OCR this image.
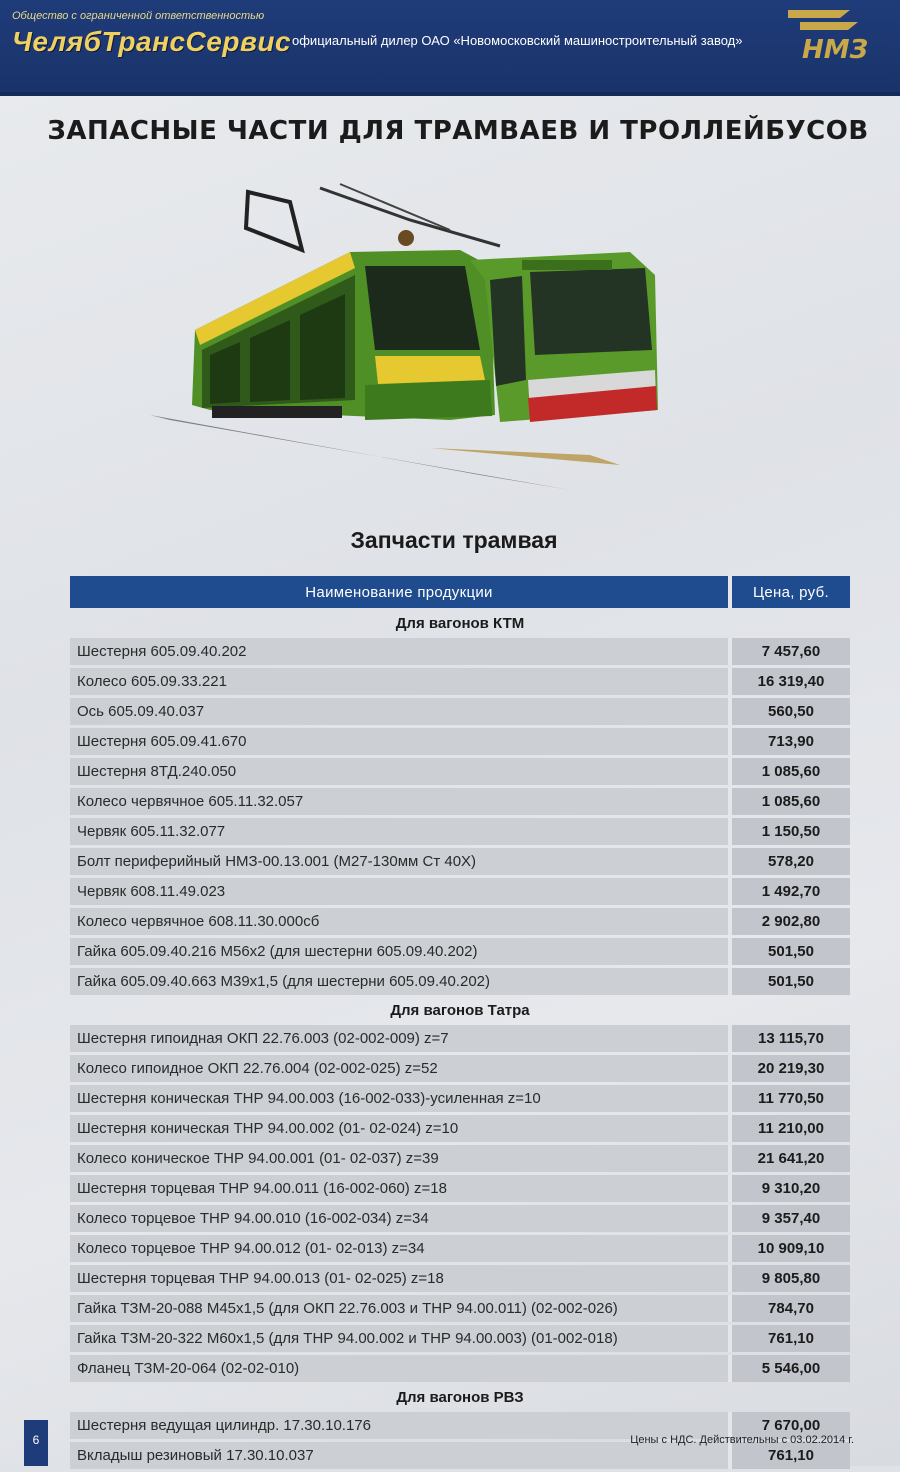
Общество с ограниченной ответственностью
ЧелябТрансСервис официальный дилер ОАО «Новомосковский машиностроительный завод» НМЗ
ЗАПАСНЫЕ ЧАСТИ ДЛЯ ТРАМВАЕВ И ТРОЛЛЕЙБУСОВ
Запчасти трамвая
Наименование продукции	Цена, руб.
Для вагонов КТМ	
Шестерня 605.09.40.202	7 457,60
Колесо 605.09.33.221	16 319,40
Ось 605.09.40.037	560,50
Шестерня 605.09.41.670	713,90
Шестерня 8ТД.240.050	1 085,60
Колесо червячное 605.11.32.057	1 085,60
Червяк 605.11.32.077	1 150,50
Болт периферийный НМЗ-00.13.001 (М27-130мм Ст 40Х)	578,20
Червяк 608.11.49.023	1 492,70
Колесо червячное 608.11.30.000сб	2 902,80
Гайка 605.09.40.216 М56х2 (для шестерни 605.09.40.202)	501,50
Гайка 605.09.40.663 М39х1,5 (для шестерни 605.09.40.202)	501,50
Для вагонов Татра	
Шестерня гипоидная ОКП 22.76.003 (02-002-009) z=7	13 115,70
Колесо гипоидное ОКП 22.76.004 (02-002-025) z=52	20 219,30
Шестерня коническая ТНР 94.00.003 (16-002-033)-усиленная z=10	11 770,50
Шестерня коническая ТНР 94.00.002 (01- 02-024) z=10	11 210,00
Колесо коническое ТНР 94.00.001 (01- 02-037) z=39	21 641,20
Шестерня торцевая ТНР 94.00.011 (16-002-060) z=18	9 310,20
Колесо торцевое ТНР 94.00.010 (16-002-034) z=34	9 357,40
Колесо торцевое ТНР 94.00.012 (01- 02-013) z=34	10 909,10
Шестерня торцевая ТНР 94.00.013 (01- 02-025) z=18	9 805,80
Гайка ТЗМ-20-088 М45х1,5 (для ОКП 22.76.003 и ТНР 94.00.011) (02-002-026)	784,70
Гайка ТЗМ-20-322 М60х1,5 (для ТНР 94.00.002 и ТНР 94.00.003) (01-002-018)	761,10
Фланец ТЗМ-20-064 (02-02-010)	5 546,00
Для вагонов РВЗ	
Шестерня ведущая цилиндр. 17.30.10.176	7 670,00
Вкладыш резиновый 17.30.10.037	761,10
6	Цены с НДС. Действительны с 03.02.2014 г.
